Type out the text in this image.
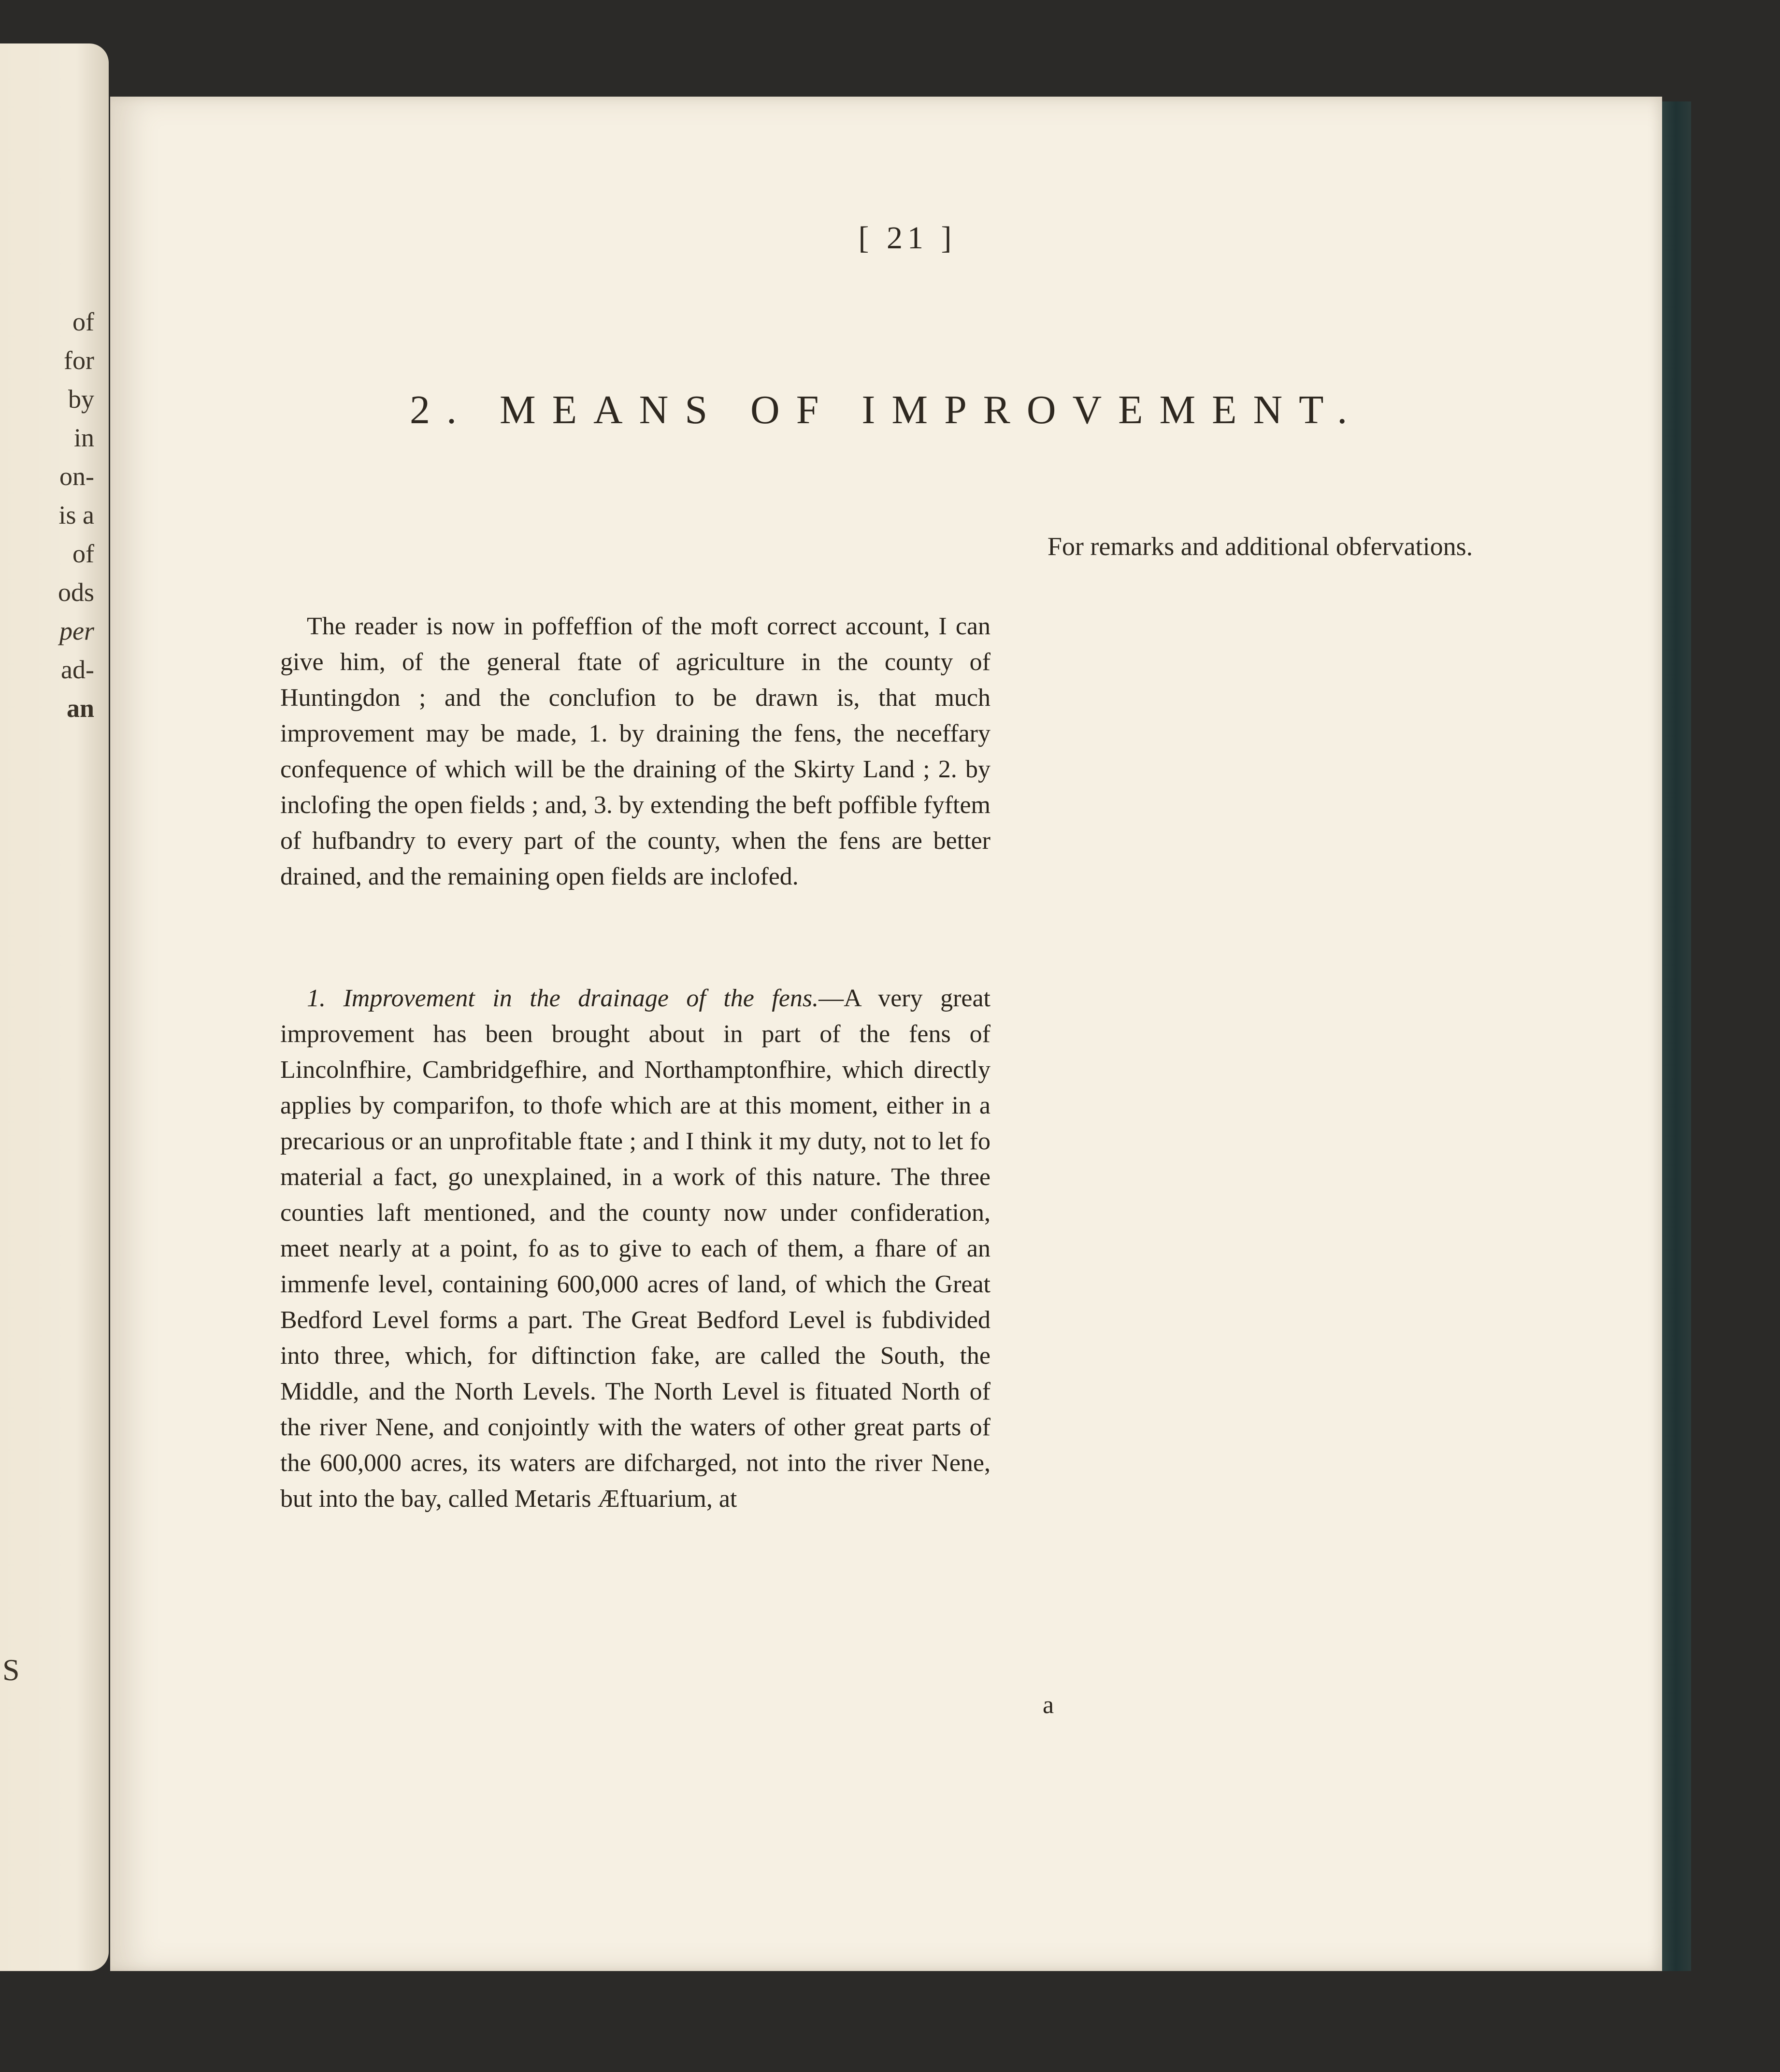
of
for
by
in
on-
is a
of
ods
per
ad-
an
S
[ 21 ]
2. MEANS OF IMPROVEMENT.
For remarks and additional obfervations.

The reader is now in poffeffion of the moft correct account, I can give him, of the general ftate of agriculture in the county of Huntingdon ; and the conclufion to be drawn is, that much improvement may be made, 1. by draining the fens, the neceffary confequence of which will be the draining of the Skirty Land ; 2. by inclofing the open fields ; and, 3. by extending the beft poffible fyftem of hufbandry to every part of the county, when the fens are better drained, and the remaining open fields are inclofed.

1. Improvement in the drainage of the fens.—A very great improvement has been brought about in part of the fens of Lincolnfhire, Cambridgefhire, and Northamptonfhire, which directly applies by comparifon, to thofe which are at this moment, either in a precarious or an unprofitable ftate ; and I think it my duty, not to let fo material a fact, go unexplained, in a work of this nature. The three counties laft mentioned, and the county now under confideration, meet nearly at a point, fo as to give to each of them, a fhare of an immenfe level, containing 600,000 acres of land, of which the Great Bedford Level forms a part. The Great Bedford Level is fubdivided into three, which, for diftinction fake, are called the South, the Middle, and the North Levels. The North Level is fituated North of the river Nene, and conjointly with the waters of other great parts of the 600,000 acres, its waters are difcharged, not into the river Nene, but into the bay, called Metaris Æftuarium, at

a
